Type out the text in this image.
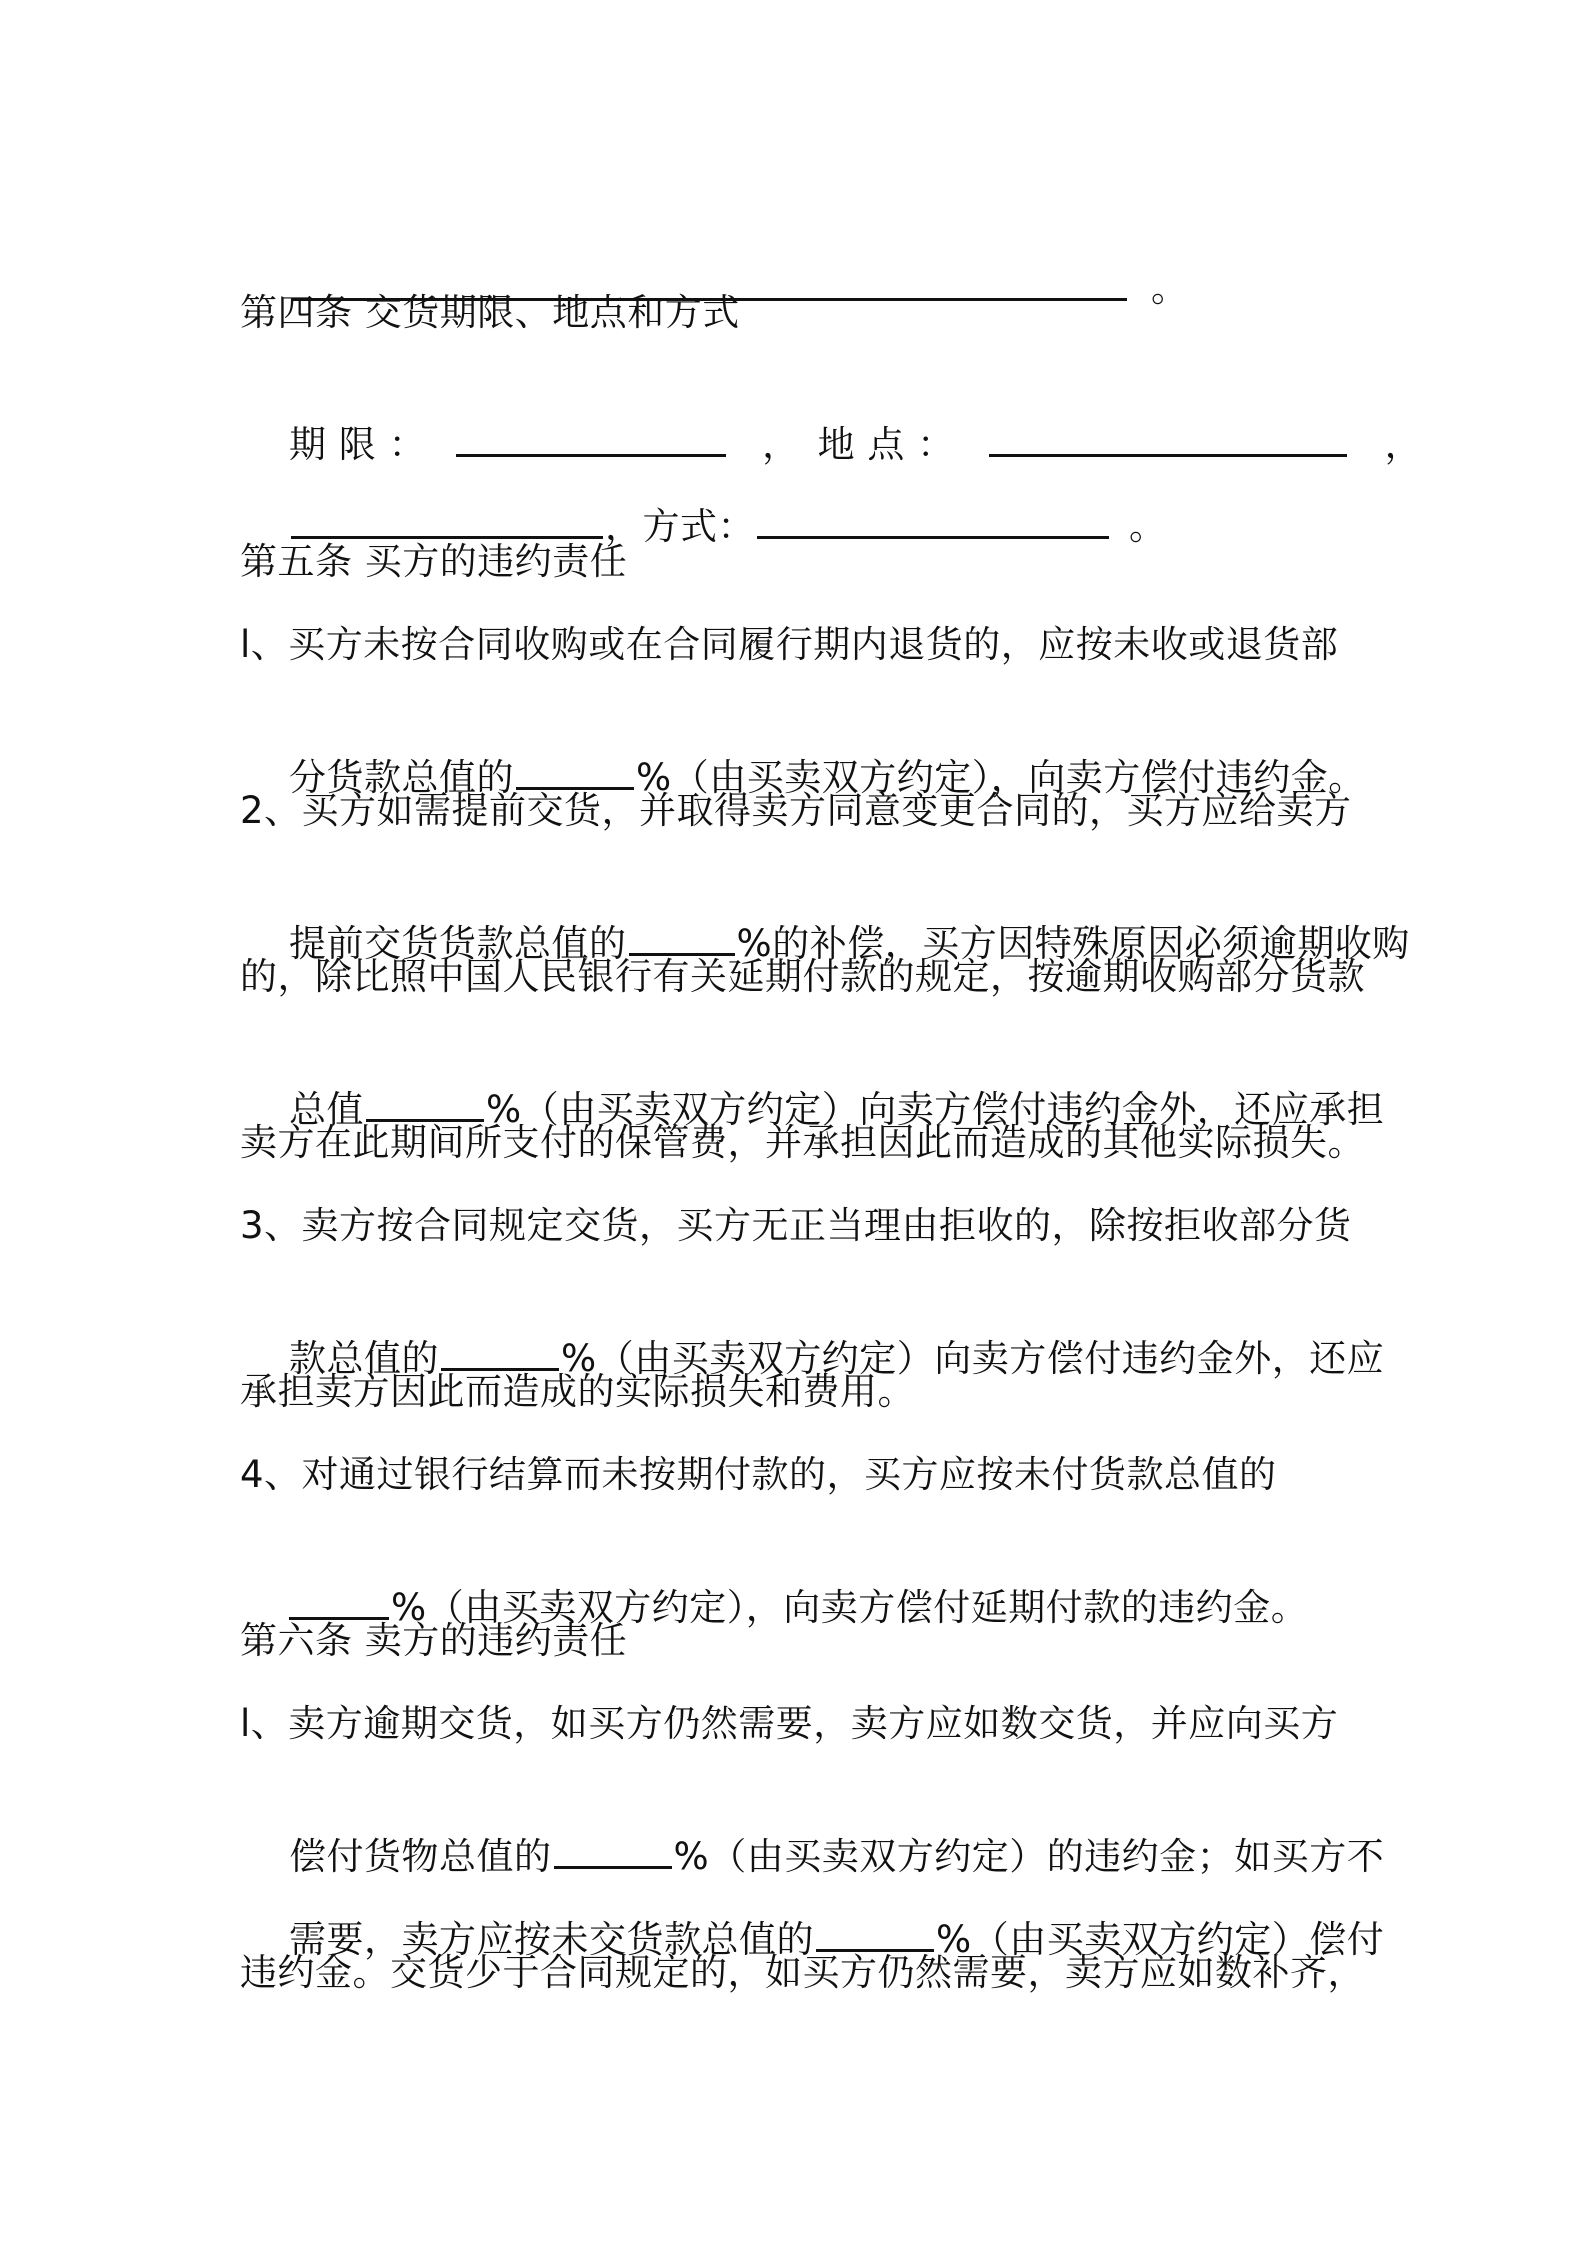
。

第四条 交货期限、地点和方式

期 限 ：	， 地 点 ：	，

，方式：	。

第五条 买方的违约责任
l、买方未按合同收购或在合同履行期内退货的，应按未收或退货部

分货款总值的	%（由买卖双方约定），向卖方偿付违约金。

2、买方如需提前交货，并取得卖方同意变更合同的，买方应给卖方

提前交货货款总值的	%的补偿，买方因特殊原因必须逾期收购

的，除比照中国人民银行有关延期付款的规定，按逾期收购部分货款

总值	%（由买卖双方约定）向卖方偿付违约金外，还应承担

卖方在此期间所支付的保管费，并承担因此而造成的其他实际损失。
3、卖方按合同规定交货，买方无正当理由拒收的，除按拒收部分货

款总值的	%（由买卖双方约定）向卖方偿付违约金外，还应

承担卖方因此而造成的实际损失和费用。
4、对通过银行结算而未按期付款的，买方应按未付货款总值的

%（由买卖双方约定），向卖方偿付延期付款的违约金。

第六条 卖方的违约责任
l、卖方逾期交货，如买方仍然需要，卖方应如数交货，并应向买方

偿付货物总值的	%（由买卖双方约定）的违约金；如买方不

需要，卖方应按未交货款总值的	%（由买卖双方约定）偿付

违约金。交货少于合同规定的，如买方仍然需要，卖方应如数补齐，
